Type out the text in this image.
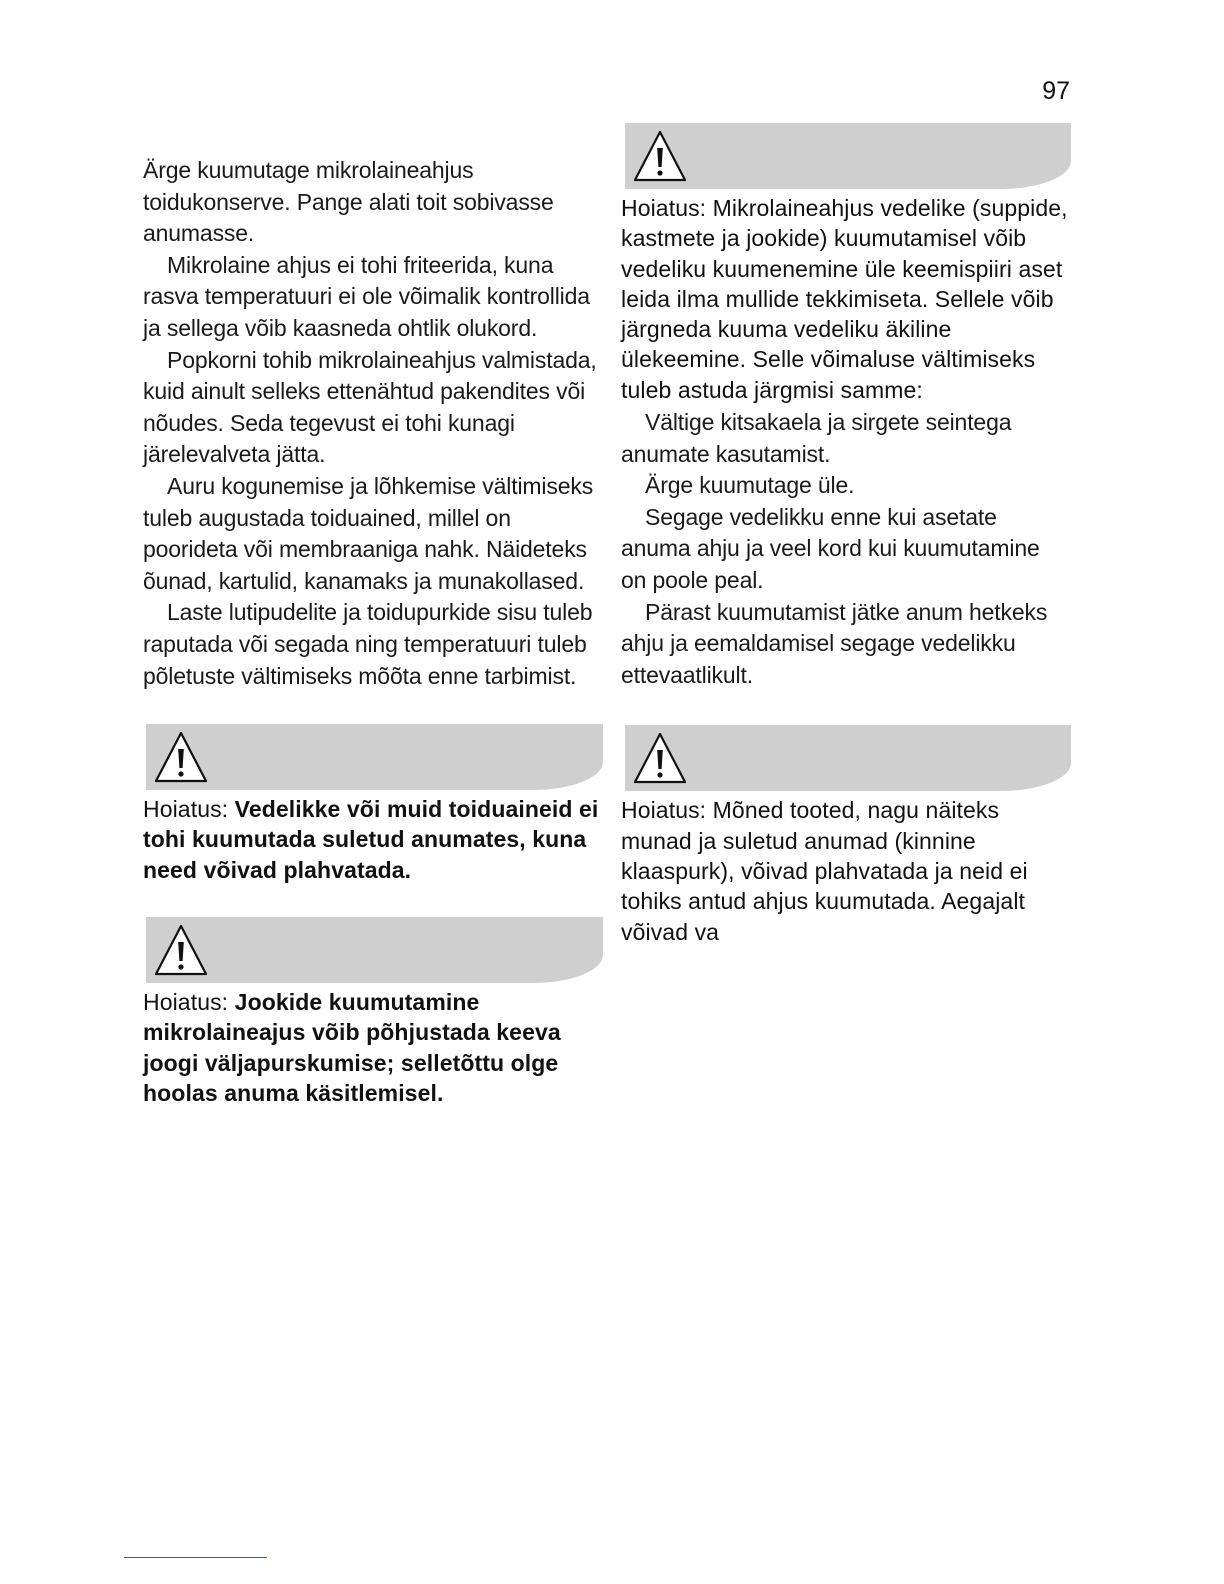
97

Ärge kuumutage mikrolaineahjus toidukonserve. Pange alati toit sobivasse anumasse.

Mikrolaine ahjus ei tohi friteerida, kuna rasva temperatuuri ei ole võimalik kontrollida ja sellega võib kaasneda ohtlik olukord.

Popkorni tohib mikrolaineahjus valmistada, kuid ainult selleks ettenähtud pakendites või nõudes. Seda tegevust ei tohi kunagi järelevalveta jätta.

Auru kogunemise ja lõhkemise vältimiseks tuleb augustada toiduained, millel on poorideta või membraaniga nahk. Näideteks õunad, kartulid, kanamaks ja munakollased.

Laste lutipudelite ja toidupurkide sisu tuleb raputada või segada ning temperatuuri tuleb põletuste vältimiseks mõõta enne tarbimist.

Hoiatus: Vedelikke või muid toiduaineid ei tohi kuumutada suletud anumates, kuna need võivad plahvatada.
Hoiatus: Jookide kuumutamine mikrolaineajus võib põhjustada keeva joogi väljapurskumise; selletõttu olge hoolas anuma käsitlemisel.
Hoiatus: Mikrolaineahjus vedelike (suppide, kastmete ja jookide) kuumutamisel võib vedeliku kuumenemine üle keemispiiri aset leida ilma mullide tekkimiseta. Sellele võib järgneda kuuma vedeliku äkiline ülekeemine. Selle võimaluse vältimiseks tuleb astuda järgmisi samme:

Vältige kitsakaela ja sirgete seintega anumate kasutamist.

Ärge kuumutage üle.

Segage vedelikku enne kui asetate anuma ahju ja veel kord kui kuumutamine on poole peal.

Pärast kuumutamist jätke anum hetkeks ahju ja eemaldamisel segage vedelikku ettevaatlikult.

Hoiatus: Mõned tooted, nagu näiteks munad ja suletud anumad (kinnine klaaspurk), võivad plahvatada ja neid ei tohiks antud ahjus kuumutada. Aegajalt võivad va
